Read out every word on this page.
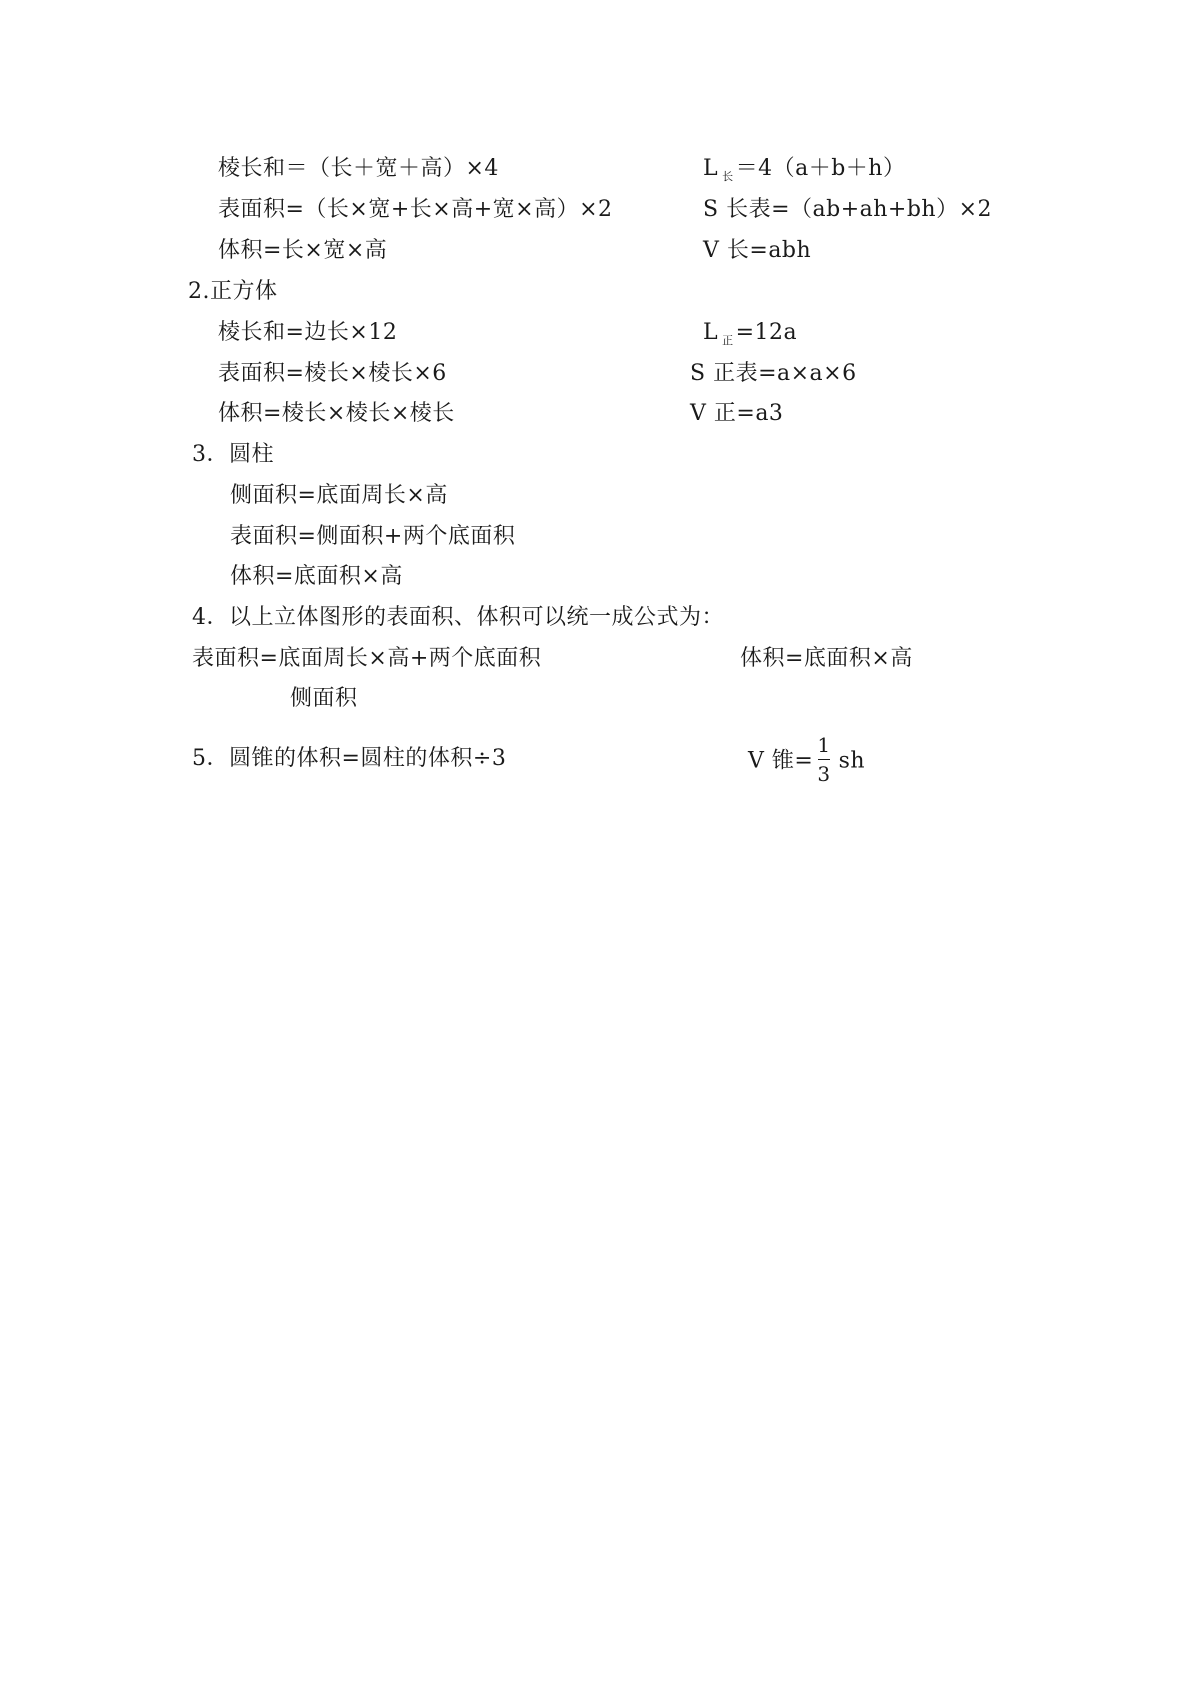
棱长和＝（长＋宽＋高）×4	L $_长$＝4（a＋b＋h）
表面积=（长×宽+长×高+宽×高）×2	S 长表=（ab+ah+bh）×2
体积=长×宽×高	V 长=abh
2.正方体
棱长和=边长×12	L $_正$=12a
表面积=棱长×棱长×6	S 正表=a×a×6
体积=棱长×棱长×棱长	V 正=a3
3．圆柱
侧面积=底面周长×高
表面积=侧面积+两个底面积
体积=底面积×高
4．以上立体图形的表面积、体积可以统一成公式为：
表面积=底面周长×高+两个底面积	体积=底面积×高
侧面积
5．圆锥的体积=圆柱的体积÷3	V 锥= $\frac{1}{3}$ sh
